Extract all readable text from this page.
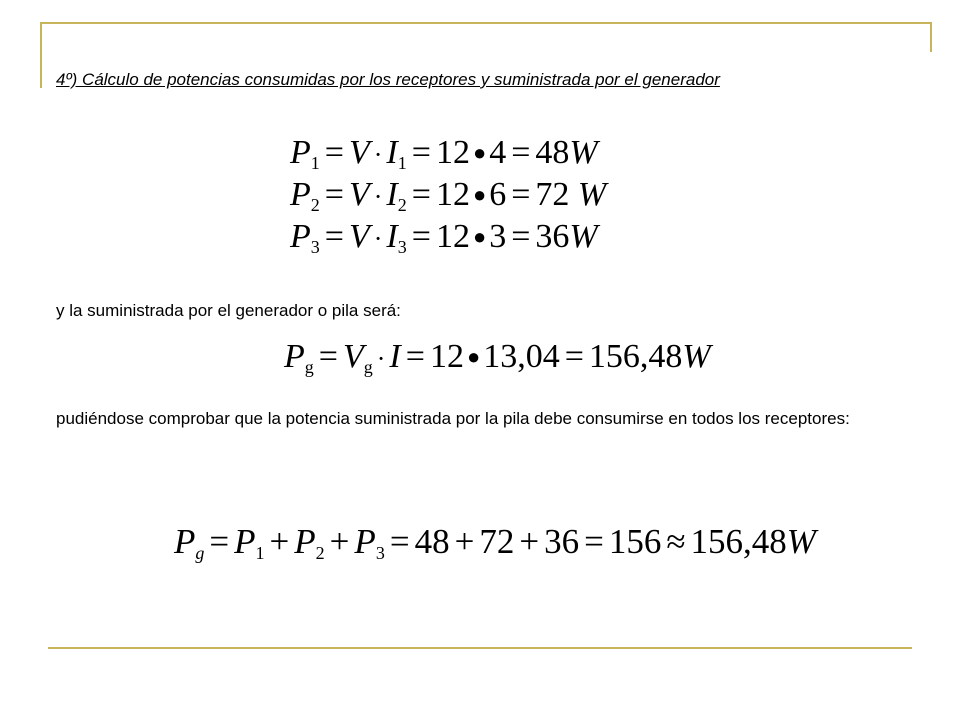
4º) Cálculo de potencias consumidas por los receptores y suministrada por el generador
$P_1 = V \cdot I_1 = 12$ ●4 = 48W
$P_2 = V \cdot I_2 = 12$ ●6 = 72 W
$P_3 = V \cdot I_3 = 12$ ●3 = 36W

y la suministrada por el generador o pila será:

$P_g = V_g \cdot I = 12$ ●13,04 = 156,48W

pudiéndose comprobar que la potencia suministrada por la pila debe consumirse en todos los receptores:

$P_g = P_1 + P_2 + P_3 = 48 + 72 + 36 = 156 \approx 156,48W$
